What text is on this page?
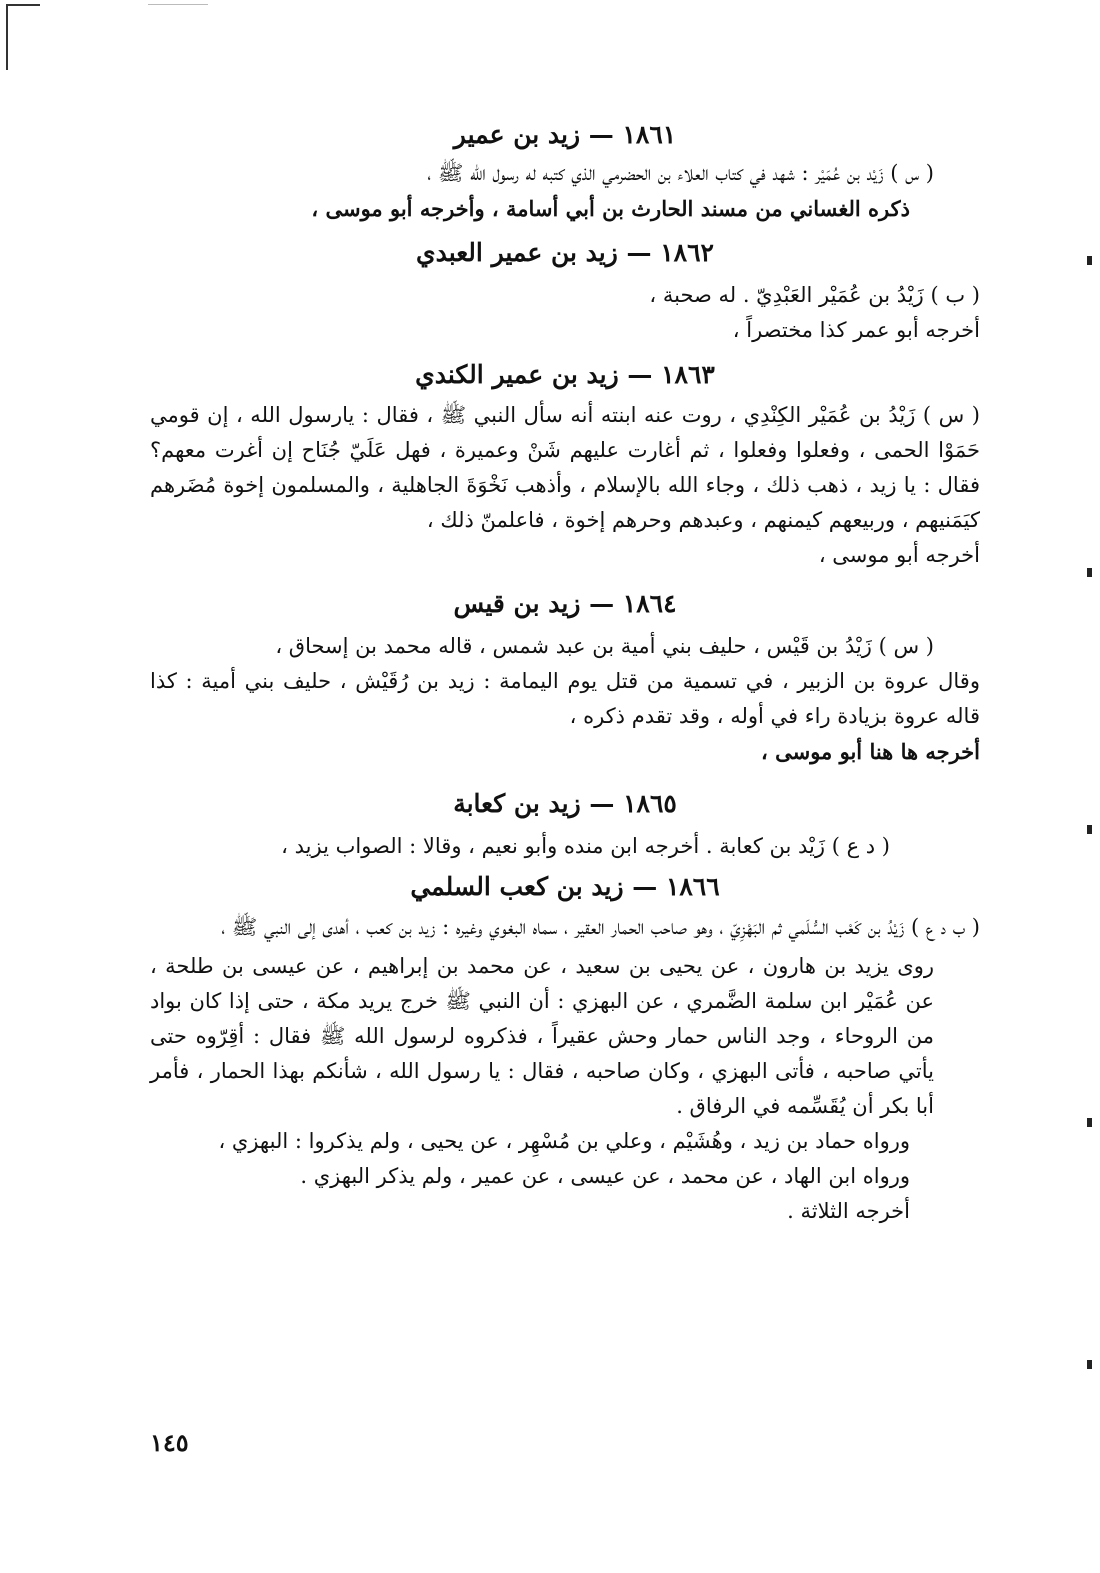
١٨٦١ — زيد بن عمير

( س ) زَيْد بن عُمَيْر : شهد في كتاب العلاء بن الحضرمي الذي كتبه له رسول الله ﷺ ،

ذكره الغساني من مسند الحارث بن أبي أسامة ، وأخرجه أبو موسى ،

١٨٦٢ — زيد بن عمير العبدي

( ب ) زَيْدُ بن عُمَيْر العَبْدِيّ . له صحبة ،

أخرجه أبو عمر كذا مختصراً ،

١٨٦٣ — زيد بن عمير الكندي

( س ) زَيْدُ بن عُمَيْر الكِنْدِي ، روت عنه ابنته أنه سأل النبي ﷺ ، فقال : يارسول الله ، إن قومي حَمَوْا الحمى ، وفعلوا وفعلوا ، ثم أغارت عليهم شَنْ وعميرة ، فهل عَلَيّ جُنَاح إن أغرت معهم؟ فقال : يا زيد ، ذهب ذلك ، وجاء الله بالإسلام ، وأذهب نَخْوَةَ الجاهلية ، والمسلمون إخوة مُضَرهم كيَمَنيهم ، وربيعهم كيمنهم ، وعبدهم وحرهم إخوة ، فاعلمنّ ذلك ،

أخرجه أبو موسى ،

١٨٦٤ — زيد بن قيس

( س ) زَيْدُ بن قَيْس ، حليف بني أمية بن عبد شمس ، قاله محمد بن إسحاق ،

وقال عروة بن الزبير ، في تسمية من قتل يوم اليمامة : زيد بن رُقَيْش ، حليف بني أمية : كذا قاله عروة بزيادة راء في أوله ، وقد تقدم ذكره ،

أخرجه ها هنا أبو موسى ،

١٨٦٥ — زيد بن كعابة

( د ع ) زَيْد بن كعابة . أخرجه ابن منده وأبو نعيم ، وقالا : الصواب يزيد ،

١٨٦٦ — زيد بن كعب السلمي

( ب د ع ) زَيْدُ بن كَعْب السُّلَمي ثم البَهْزِيّ ، وهو صاحب الحمار العقير ، سماه البغوي وغيره : زيد بن كعب ، أهدى إلى النبي ﷺ ،

روى يزيد بن هارون ، عن يحيى بن سعيد ، عن محمد بن إبراهيم ، عن عيسى بن طلحة ، عن عُمَيْر ابن سلمة الضَّمري ، عن البهزي : أن النبي ﷺ خرج يريد مكة ، حتى إذا كان بواد من الروحاء ، وجد الناس حمار وحش عقيراً ، فذكروه لرسول الله ﷺ فقال : أقِرّوه حتى يأتي صاحبه ، فأتى البهزي ، وكان صاحبه ، فقال : يا رسول الله ، شأنكم بهذا الحمار ، فأمر أبا بكر أن يُقَسِّمه في الرفاق .

ورواه حماد بن زيد ، وهُشَيْم ، وعلي بن مُسْهِر ، عن يحيى ، ولم يذكروا : البهزي ،

ورواه ابن الهاد ، عن محمد ، عن عيسى ، عن عمير ، ولم يذكر البهزي .

أخرجه الثلاثة .

١٤٥
